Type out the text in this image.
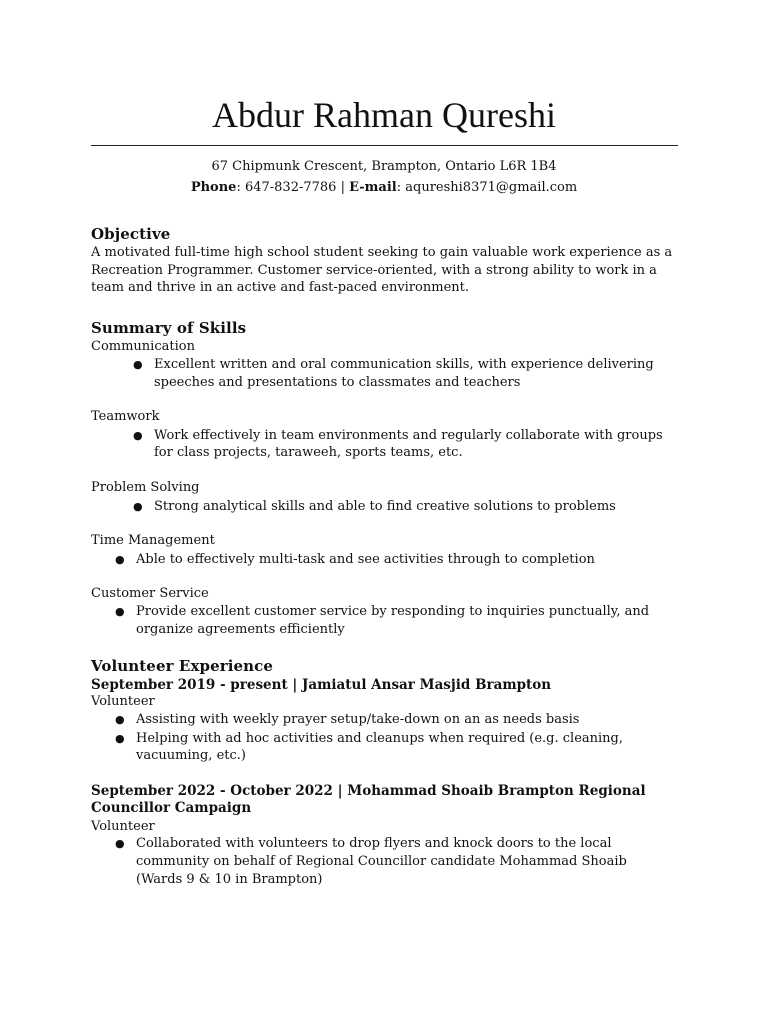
Abdur Rahman Qureshi
67 Chipmunk Crescent, Brampton, Ontario L6R 1B4
Phone: 647-832-7786 | E-mail: aqureshi8371@gmail.com
Objective
A motivated full-time high school student seeking to gain valuable work experience as a
Recreation Programmer. Customer service-oriented, with a strong ability to work in a
team and thrive in an active and fast-paced environment.
Summary of Skills
Communication
● Excellent written and oral communication skills, with experience delivering
speeches and presentations to classmates and teachers
Teamwork
● Work effectively in team environments and regularly collaborate with groups
for class projects, taraweeh, sports teams, etc.
Problem Solving
● Strong analytical skills and able to find creative solutions to problems
Time Management
● Able to effectively multi-task and see activities through to completion
Customer Service
● Provide excellent customer service by responding to inquiries punctually, and
organize agreements efficiently
Volunteer Experience
September 2019 - present | Jamiatul Ansar Masjid Brampton
Volunteer
● Assisting with weekly prayer setup/take-down on an as needs basis
● Helping with ad hoc activities and cleanups when required (e.g. cleaning,
vacuuming, etc.)
September 2022 - October 2022 | Mohammad Shoaib Brampton Regional
Councillor Campaign
Volunteer
● Collaborated with volunteers to drop flyers and knock doors to the local
community on behalf of Regional Councillor candidate Mohammad Shoaib
(Wards 9 & 10 in Brampton)
